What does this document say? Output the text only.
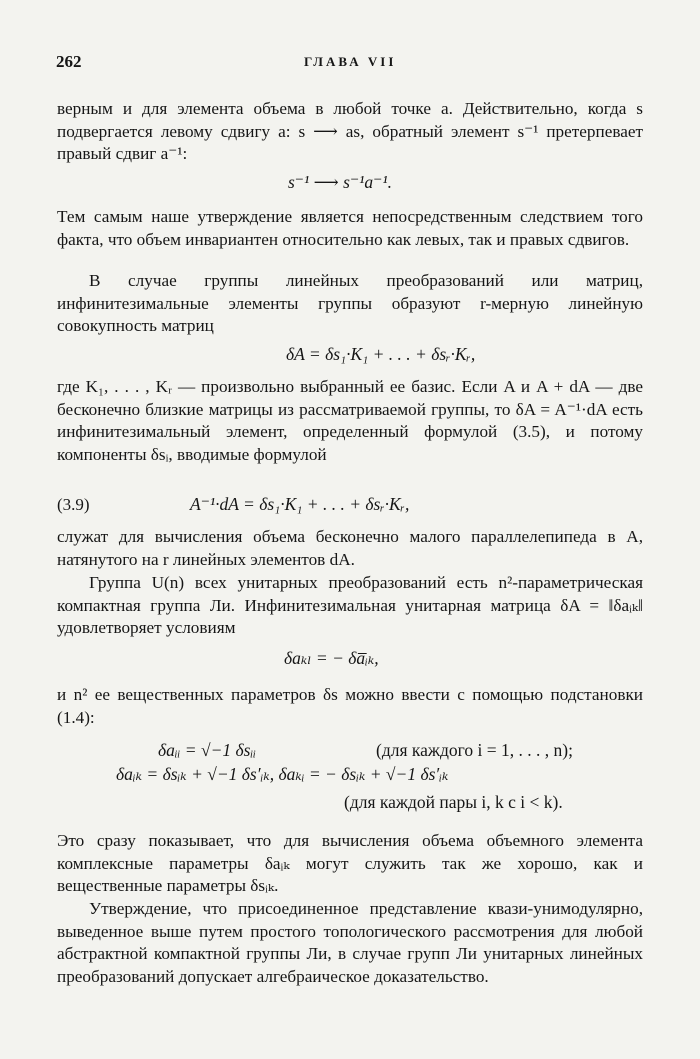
262	ГЛАВА VII

верным и для элемента объема в любой точке a. Действительно, когда s подвергается левому сдвигу a: s ⟶ as, обратный элемент s⁻¹ претерпевает правый сдвиг a⁻¹:

s⁻¹ ⟶ s⁻¹a⁻¹.

Тем самым наше утверждение является непосредственным следствием того факта, что объем инвариантен относительно как левых, так и правых сдвигов.

В случае группы линейных преобразований или матриц, инфинитезимальные элементы группы образуют r-мерную линейную совокупность матриц

δA = δs₁·K₁ + . . . + δsᵣ·Kᵣ,

где K₁, . . . , Kᵣ — произвольно выбранный ее базис. Если A и A + dA — две бесконечно близкие матрицы из рассматриваемой группы, то δA = A⁻¹·dA есть инфинитезимальный элемент, определенный формулой (3.5), и потому компоненты δsᵢ, вводимые формулой

(3.9)	A⁻¹·dA = δs₁·K₁ + . . . + δsᵣ·Kᵣ,

служат для вычисления объема бесконечно малого параллелепипеда в A, натянутого на r линейных элементов dA.

Группа U(n) всех унитарных преобразований есть n²-параметрическая компактная группа Ли. Инфинитезимальная унитарная матрица δA = ‖δaᵢₖ‖ удовлетворяет условиям

δaₖₗ = − δa̅ᵢₖ,

и n² ее вещественных параметров δs можно ввести с помощью подстановки (1.4):

δaᵢᵢ = √−1 δsᵢᵢ	(для каждого i = 1, . . . , n);
δaᵢₖ = δsᵢₖ + √−1 δs′ᵢₖ, δaₖᵢ = − δsᵢₖ + √−1 δs′ᵢₖ
(для каждой пары i, k с i < k).

Это сразу показывает, что для вычисления объема объемного элемента комплексные параметры δaᵢₖ могут служить так же хорошо, как и вещественные параметры δsᵢₖ.

Утверждение, что присоединенное представление квази-унимодулярно, выведенное выше путем простого топологического рассмотрения для любой абстрактной компактной группы Ли, в случае групп Ли унитарных линейных преобразований допускает алгебраическое доказательство.
